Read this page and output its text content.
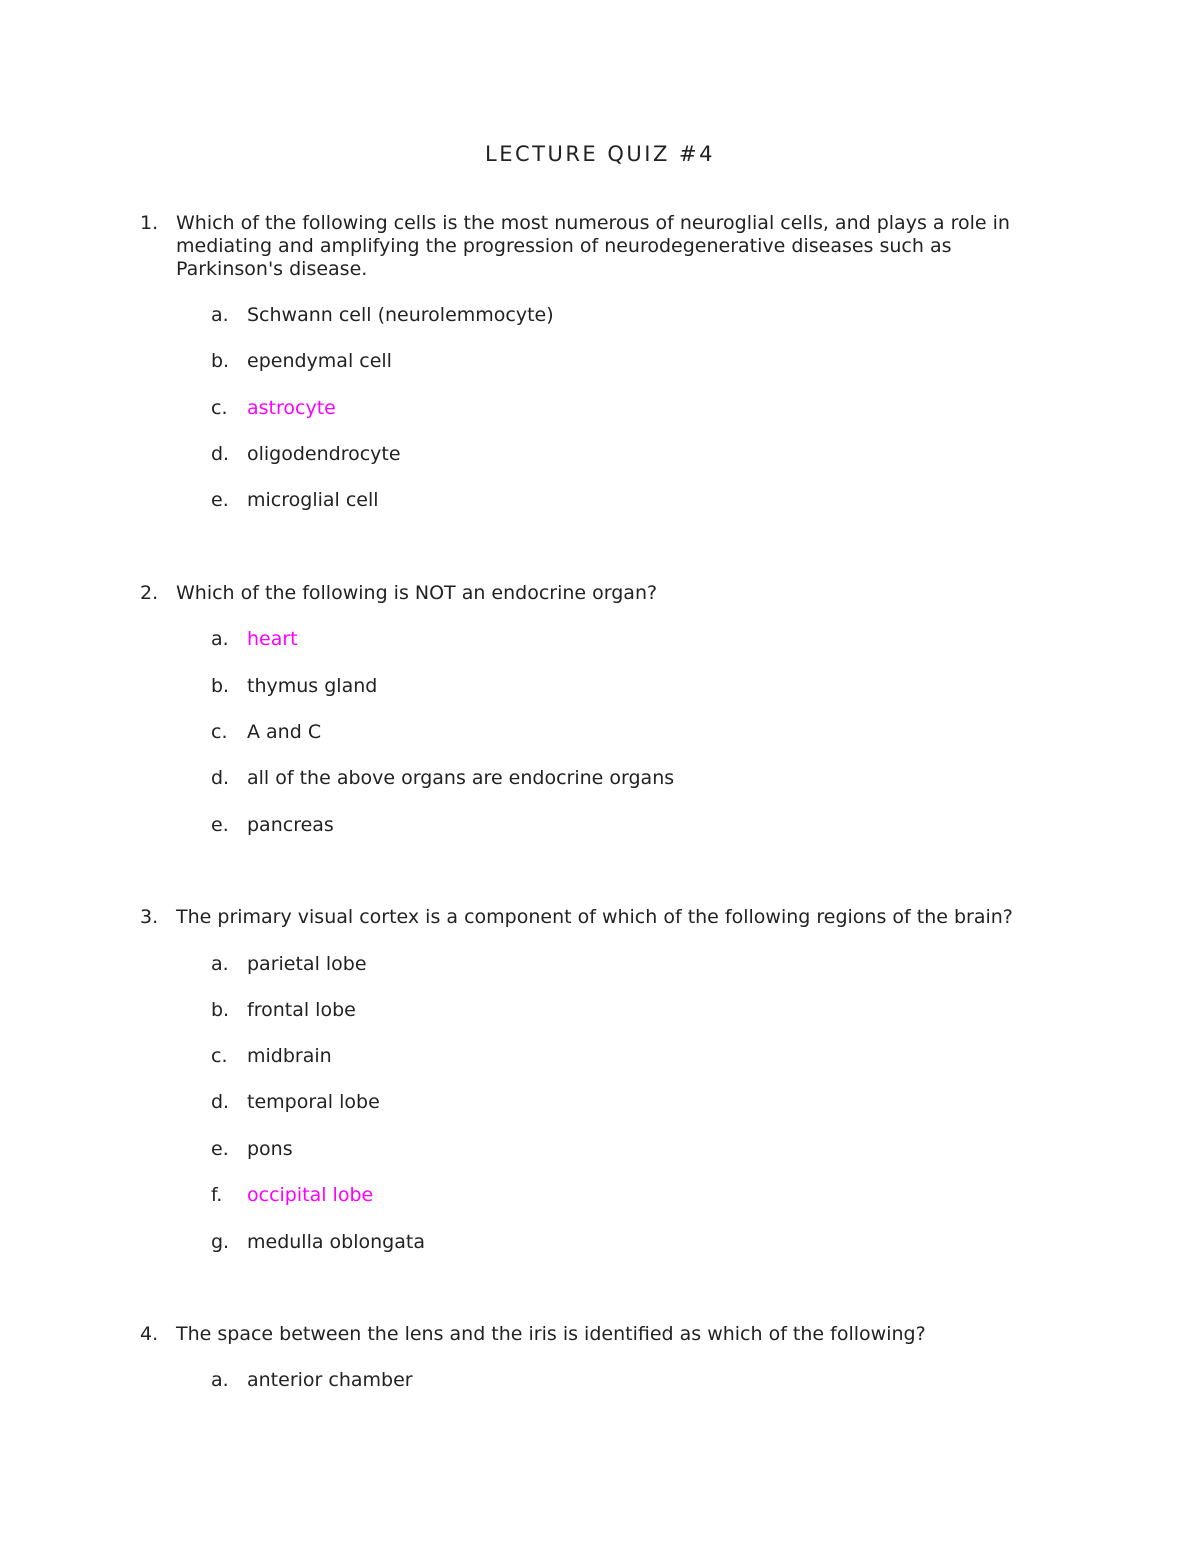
LECTURE QUIZ #4
1. Which of the following cells is the most numerous of neuroglial cells, and plays a role in mediating and amplifying the progression of neurodegenerative diseases such as Parkinson's disease.
a. Schwann cell (neurolemmocyte)
b. ependymal cell
c.	astrocyte
d. oligodendrocyte
e. microglial cell
2. Which of the following is NOT an endocrine organ?
a. heart
b. thymus gland
c.	A and C
d. all of the above organs are endocrine organs
e. pancreas
3. The primary visual cortex is a component of which of the following regions of the brain?
a. parietal lobe
b. frontal lobe
c.	midbrain
d. temporal lobe
e. pons
f.	occipital lobe
g. medulla oblongata
4. The space between the lens and the iris is identified as which of the following?
a. anterior chamber
